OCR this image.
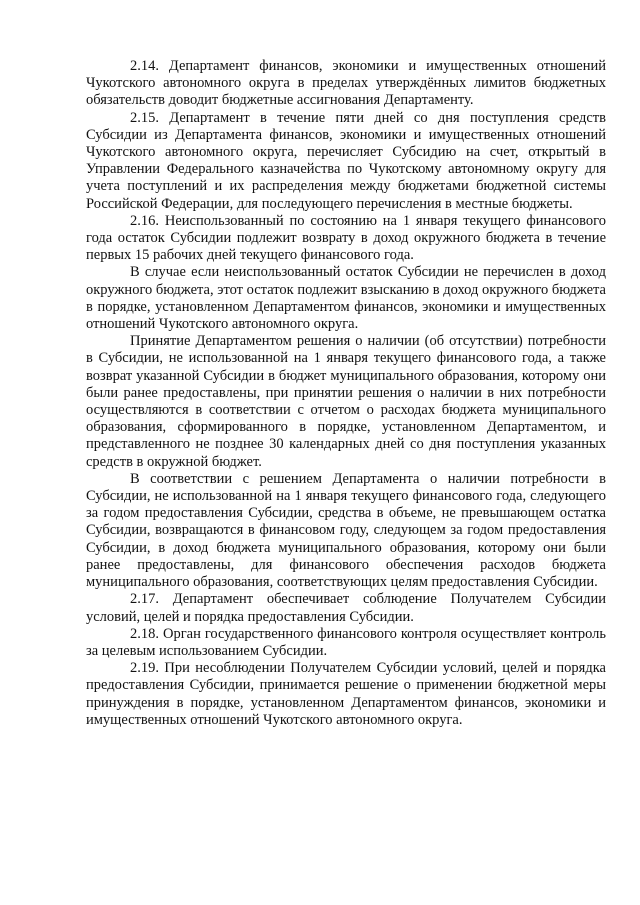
2.14. Департамент финансов, экономики и имущественных отношений Чукотского автономного округа в пределах утверждённых лимитов бюджетных обязательств доводит бюджетные ассигнования Департаменту.

2.15. Департамент в течение пяти дней со дня поступления средств Субсидии из Департамента финансов, экономики и имущественных отношений Чукотского автономного округа, перечисляет Субсидию на счет, открытый в Управлении Федерального казначейства по Чукотскому автономному округу для учета поступлений и их распределения между бюджетами бюджетной системы Российской Федерации, для последующего перечисления в местные бюджеты.

2.16. Неиспользованный по состоянию на 1 января текущего финансового года остаток Субсидии подлежит возврату в доход окружного бюджета в течение первых 15 рабочих дней текущего финансового года.

В случае если неиспользованный остаток Субсидии не перечислен в доход окружного бюджета, этот остаток подлежит взысканию в доход окружного бюджета в порядке, установленном Департаментом финансов, экономики и имущественных отношений Чукотского автономного округа.

Принятие Департаментом решения о наличии (об отсутствии) потребности в Субсидии, не использованной на 1 января текущего финансового года, а также возврат указанной Субсидии в бюджет муниципального образования, которому они были ранее предоставлены, при принятии решения о наличии в них потребности осуществляются в соответствии с отчетом о расходах бюджета муниципального образования, сформированного в порядке, установленном Департаментом, и представленного не позднее 30 календарных дней со дня поступления указанных средств в окружной бюджет.

В соответствии с решением Департамента о наличии потребности в Субсидии, не использованной на 1 января текущего финансового года, следующего за годом предоставления Субсидии, средства в объеме, не превышающем остатка Субсидии, возвращаются в финансовом году, следующем за годом предоставления Субсидии, в доход бюджета муниципального образования, которому они были ранее предоставлены, для финансового обеспечения расходов бюджета муниципального образования, соответствующих целям предоставления Субсидии.

2.17. Департамент обеспечивает соблюдение Получателем Субсидии условий, целей и порядка предоставления Субсидии.

2.18. Орган государственного финансового контроля осуществляет контроль за целевым использованием Субсидии.

2.19. При несоблюдении Получателем Субсидии условий, целей и порядка предоставления Субсидии, принимается решение о применении бюджетной меры принуждения в порядке, установленном Департаментом финансов, экономики и имущественных отношений Чукотского автономного округа.
